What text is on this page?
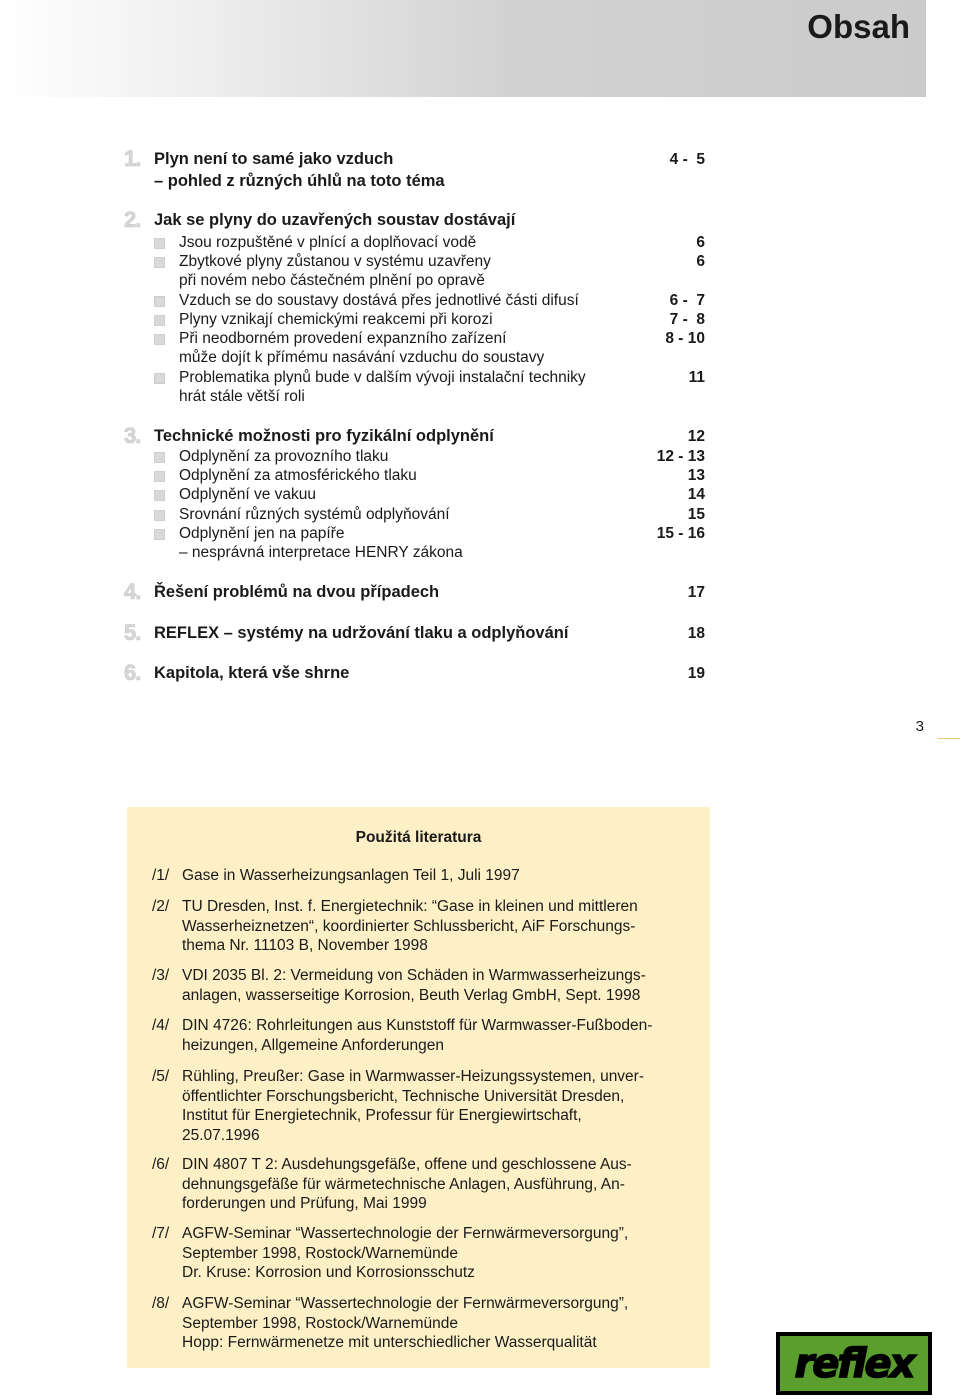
Obsah
1. Plyn není to samé jako vzduch	4 -  5
– pohled z různých úhlů na toto téma
2. Jak se plyny do uzavřených soustav dostávají
Jsou rozpuštěné v plnící a doplňovací vodě	6
Zbytkové plyny zůstanou v systému uzavřeny	6
při novém nebo částečném plnění po opravě
Vzduch se do soustavy dostává přes jednotlivé části difusí	6 -  7
Plyny vznikají chemickými reakcemi při korozi	7 -  8
Při neodborném provedení expanzního zařízení	8 - 10
může dojít k přímému nasávání vzduchu do soustavy
Problematika plynů bude v dalším vývoji instalační techniky	11
hrát stále větší roli
3. Technické možnosti pro fyzikální odplynění	12
Odplynění za provozního tlaku	12 - 13
Odplynění za atmosférického tlaku	13
Odplynění ve vakuu	14
Srovnání různých systémů odplyňování	15
Odplynění jen na papíře	15 - 16
– nesprávná interpretace HENRY zákona
4. Řešení problémů na dvou případech	17
5. REFLEX – systémy na udržování tlaku a odplyňování	18
6. Kapitola, která vše shrne	19
3
Použitá literatura
/1/ Gase in Wasserheizungsanlagen Teil 1, Juli 1997
/2/ TU Dresden, Inst. f. Energietechnik: “Gase in kleinen und mittleren
Wasserheiznetzen“, koordinierter Schlussbericht, AiF Forschungs-
thema Nr. 11103 B, November 1998
/3/ VDI 2035 Bl. 2: Vermeidung von Schäden in Warmwasserheizungs-
anlagen, wasserseitige Korrosion, Beuth Verlag GmbH, Sept. 1998
/4/ DIN 4726: Rohrleitungen aus Kunststoff für Warmwasser-Fußboden-
heizungen, Allgemeine Anforderungen
/5/ Rühling, Preußer: Gase in Warmwasser-Heizungssystemen, unver-
öffentlichter Forschungsbericht, Technische Universität Dresden,
Institut für Energietechnik, Professur für Energiewirtschaft,
25.07.1996
/6/ DIN 4807 T 2: Ausdehungsgefäße, offene und geschlossene Aus-
dehnungsgefäße für wärmetechnische Anlagen, Ausführung, An-
forderungen und Prüfung, Mai 1999
/7/ AGFW-Seminar “Wassertechnologie der Fernwärmeversorgung”,
September 1998, Rostock/Warnemünde
Dr. Kruse: Korrosion und Korrosionsschutz
/8/ AGFW-Seminar “Wassertechnologie der Fernwärmeversorgung”,
September 1998, Rostock/Warnemünde
Hopp: Fernwärmenetze mit unterschiedlicher Wasserqualität	reflex
